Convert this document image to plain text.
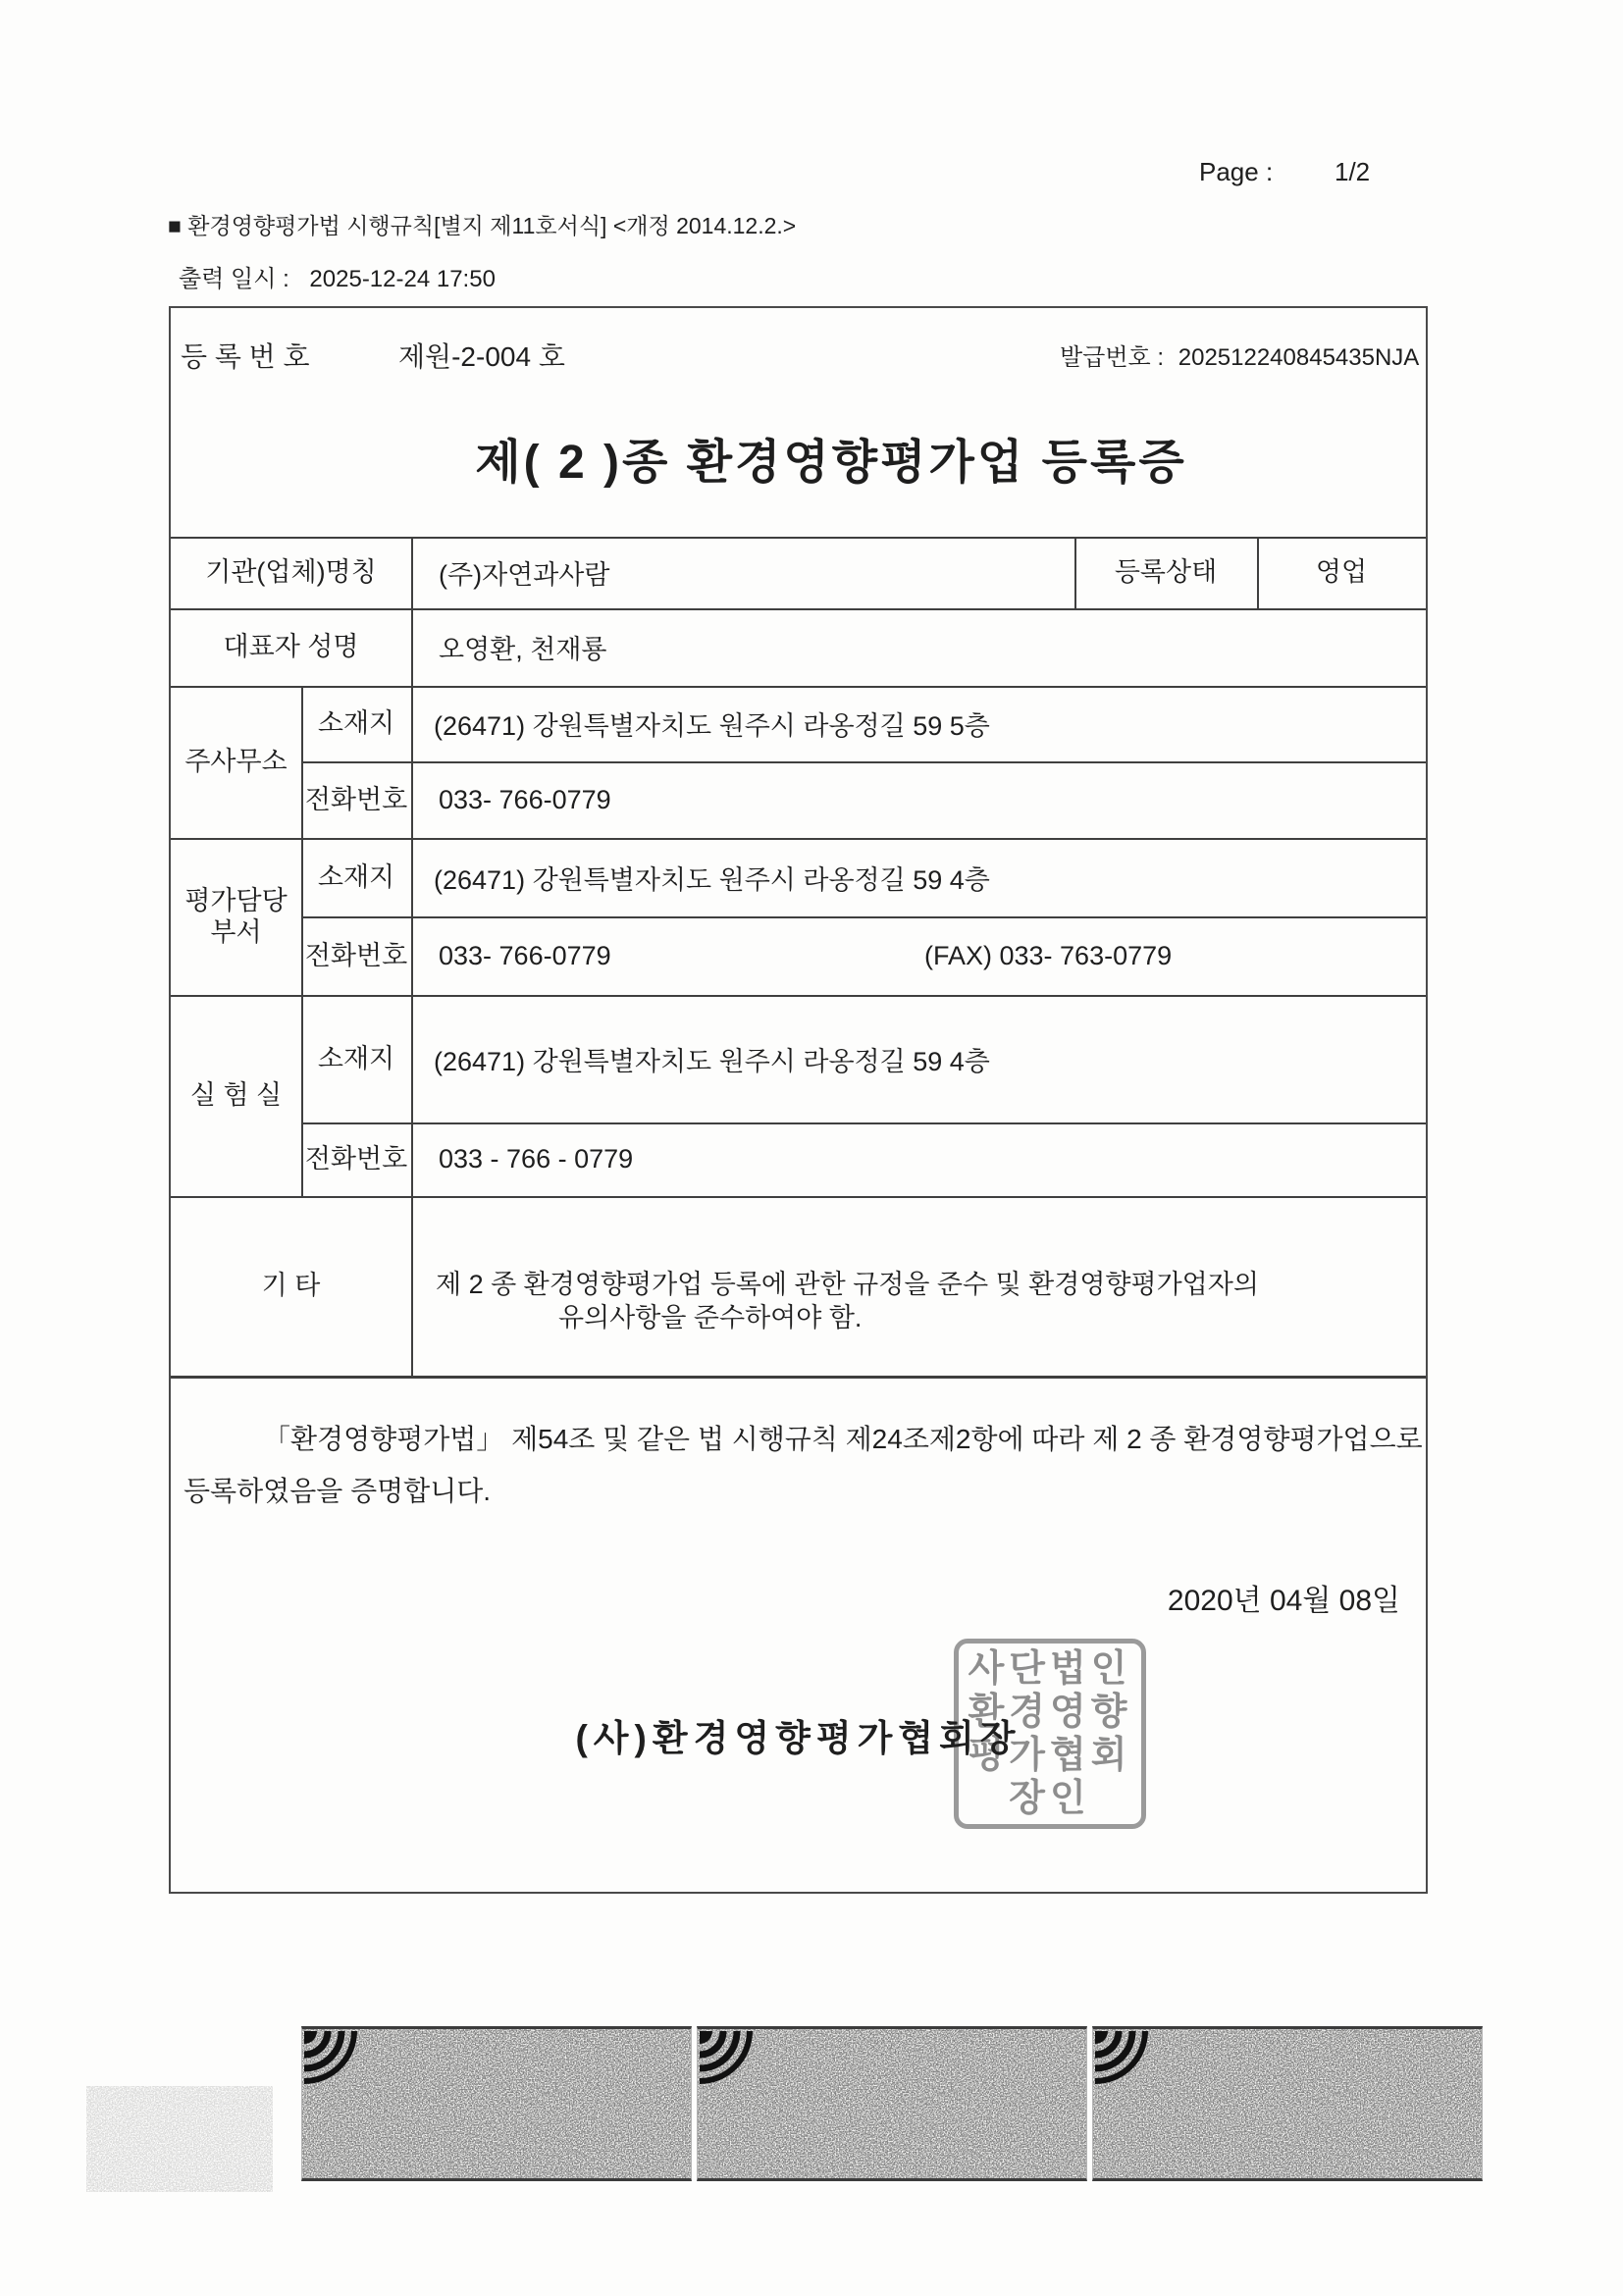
Page : 1/2
■ 환경영향평가법 시행규칙[별지 제11호서식] <개정 2014.12.2.>
출력 일시 : 2025-12-24 17:50
등 록 번 호	제원-2-004 호	발급번호 : 202512240845435NJA
제( 2 )종 환경영향평가업 등록증
기관(업체)명칭	(주)자연과사람	등록상태	영업
대표자 성명	오영환, 천재룡
주사무소
소재지	(26471) 강원특별자치도 원주시 라옹정길 59 5층
전화번호 033- 766-0779
평가담당부서
소재지	(26471) 강원특별자치도 원주시 라옹정길 59 4층
전화번호 033- 766-0779	(FAX) 033- 763-0779
실 험 실
소재지	(26471) 강원특별자치도 원주시 라옹정길 59 4층
전화번호 033 - 766 - 0779
기 타	제 2 종 환경영향평가업 등록에 관한 규정을 준수 및 환경영향평가업자의
유의사항을 준수하여야 함.
「환경영향평가법」 제54조 및 같은 법 시행규칙 제24조제2항에 따라 제 2 종 환경영향평가업으로
등록하였음을 증명합니다.
2020년 04월 08일
(사)환경영향평가협회장
사단법인환경영향평가협회장인
